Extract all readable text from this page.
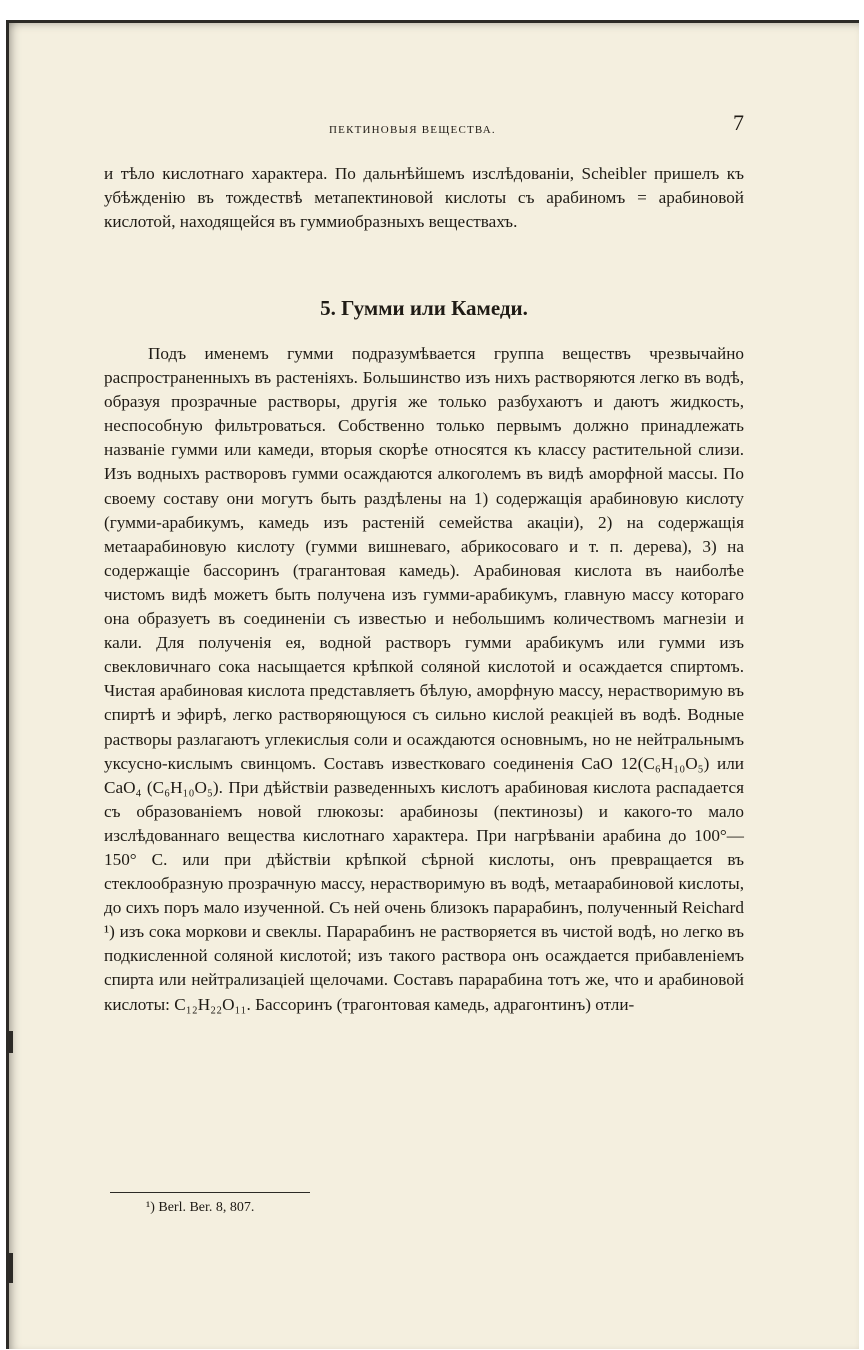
ПЕКТИНОВЫЯ ВЕЩЕСТВА.	7
и тѣло кислотнаго характера. По дальнѣйшемъ изслѣдованіи, Scheibler пришелъ къ убѣжденію въ тождествѣ метапектиновой кислоты съ арабиномъ = арабиновой кислотой, находящейся въ гуммиобразныхъ веществахъ.
5. Гумми или Камеди.
Подъ именемъ гумми подразумѣвается группа веществъ чрезвычайно распространенныхъ въ растеніяхъ. Большинство изъ нихъ растворяются легко въ водѣ, образуя прозрачные растворы, другія же только разбухаютъ и даютъ жидкость, неспособную фильтроваться. Собственно только первымъ должно принадлежать названіе гумми или камеди, вторыя скорѣе относятся къ классу растительной слизи. Изъ водныхъ растворовъ гумми осаждаются алкоголемъ въ видѣ аморфной массы. По своему составу они могутъ быть раздѣлены на 1) содержащія арабиновую кислоту (гумми-арабикумъ, камедь изъ растеній семейства акаціи), 2) на содержащія метаарабиновую кислоту (гумми вишневаго, абрикосоваго и т. п. дерева), 3) на содержащіе бассоринъ (трагантовая камедь). Арабиновая кислота въ наиболѣе чистомъ видѣ можетъ быть получена изъ гумми-арабикумъ, главную массу котораго она образуетъ въ соединеніи съ известью и небольшимъ количествомъ магнезіи и кали. Для полученія ея, водной растворъ гумми арабикумъ или гумми изъ свекловичнаго сока насыщается крѣпкой соляной кислотой и осаждается спиртомъ. Чистая арабиновая кислота представляетъ бѣлую, аморфную массу, нерастворимую въ спиртѣ и эфирѣ, легко растворяющуюся съ сильно кислой реакціей въ водѣ. Водные растворы разлагаютъ углекислыя соли и осаждаются основнымъ, но не нейтральнымъ уксусно-кислымъ свинцомъ. Составъ известковаго соединенія CaO 12(C₆H₁₀O₅) или CaO₄ (C₆H₁₀O₅). При дѣйствіи разведенныхъ кислотъ арабиновая кислота распадается съ образованіемъ новой глюкозы: арабинозы (пектинозы) и какого-то мало изслѣдованнаго вещества кислотнаго характера. При нагрѣваніи арабина до 100°—150° С. или при дѣйствіи крѣпкой сѣрной кислоты, онъ превращается въ стеклообразную прозрачную массу, нерастворимую въ водѣ, метаарабиновой кислоты, до сихъ поръ мало изученной. Съ ней очень близокъ парарабинъ, полученный Reichard ¹) изъ сока моркови и свеклы. Парарабинъ не растворяется въ чистой водѣ, но легко въ подкисленной соляной кислотой; изъ такого раствора онъ осаждается прибавленіемъ спирта или нейтрализаціей щелочами. Составъ парарабина тотъ же, что и арабиновой кислоты: C₁₂H₂₂O₁₁. Бассоринъ (трагонтовая камедь, адрагонтинъ) отли-
¹) Berl. Ber. 8, 807.
